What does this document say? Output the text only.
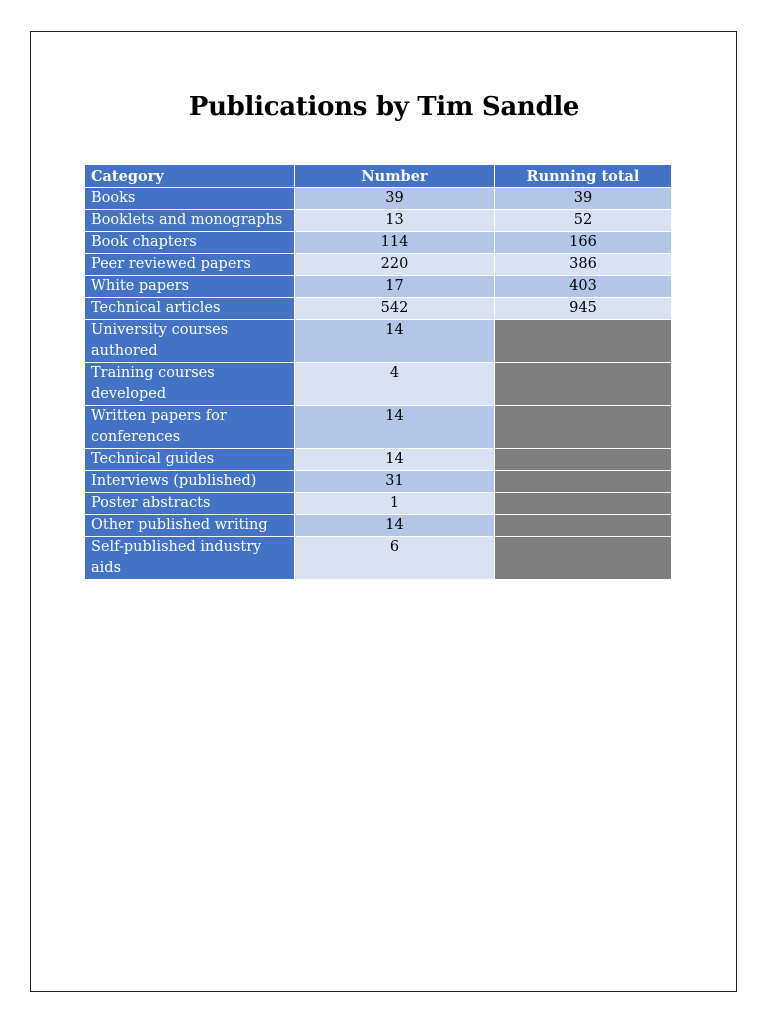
Publications by Tim Sandle
Category	Number	Running total
Books	39	39
Booklets and monographs	13	52
Book chapters	114	166
Peer reviewed papers	220	386
White papers	17	403
Technical articles	542	945
University courses authored	14	
Training courses developed	4	
Written papers for conferences	14	
Technical guides	14	
Interviews (published)	31	
Poster abstracts	1	
Other published writing	14	
Self-published industry aids	6	
